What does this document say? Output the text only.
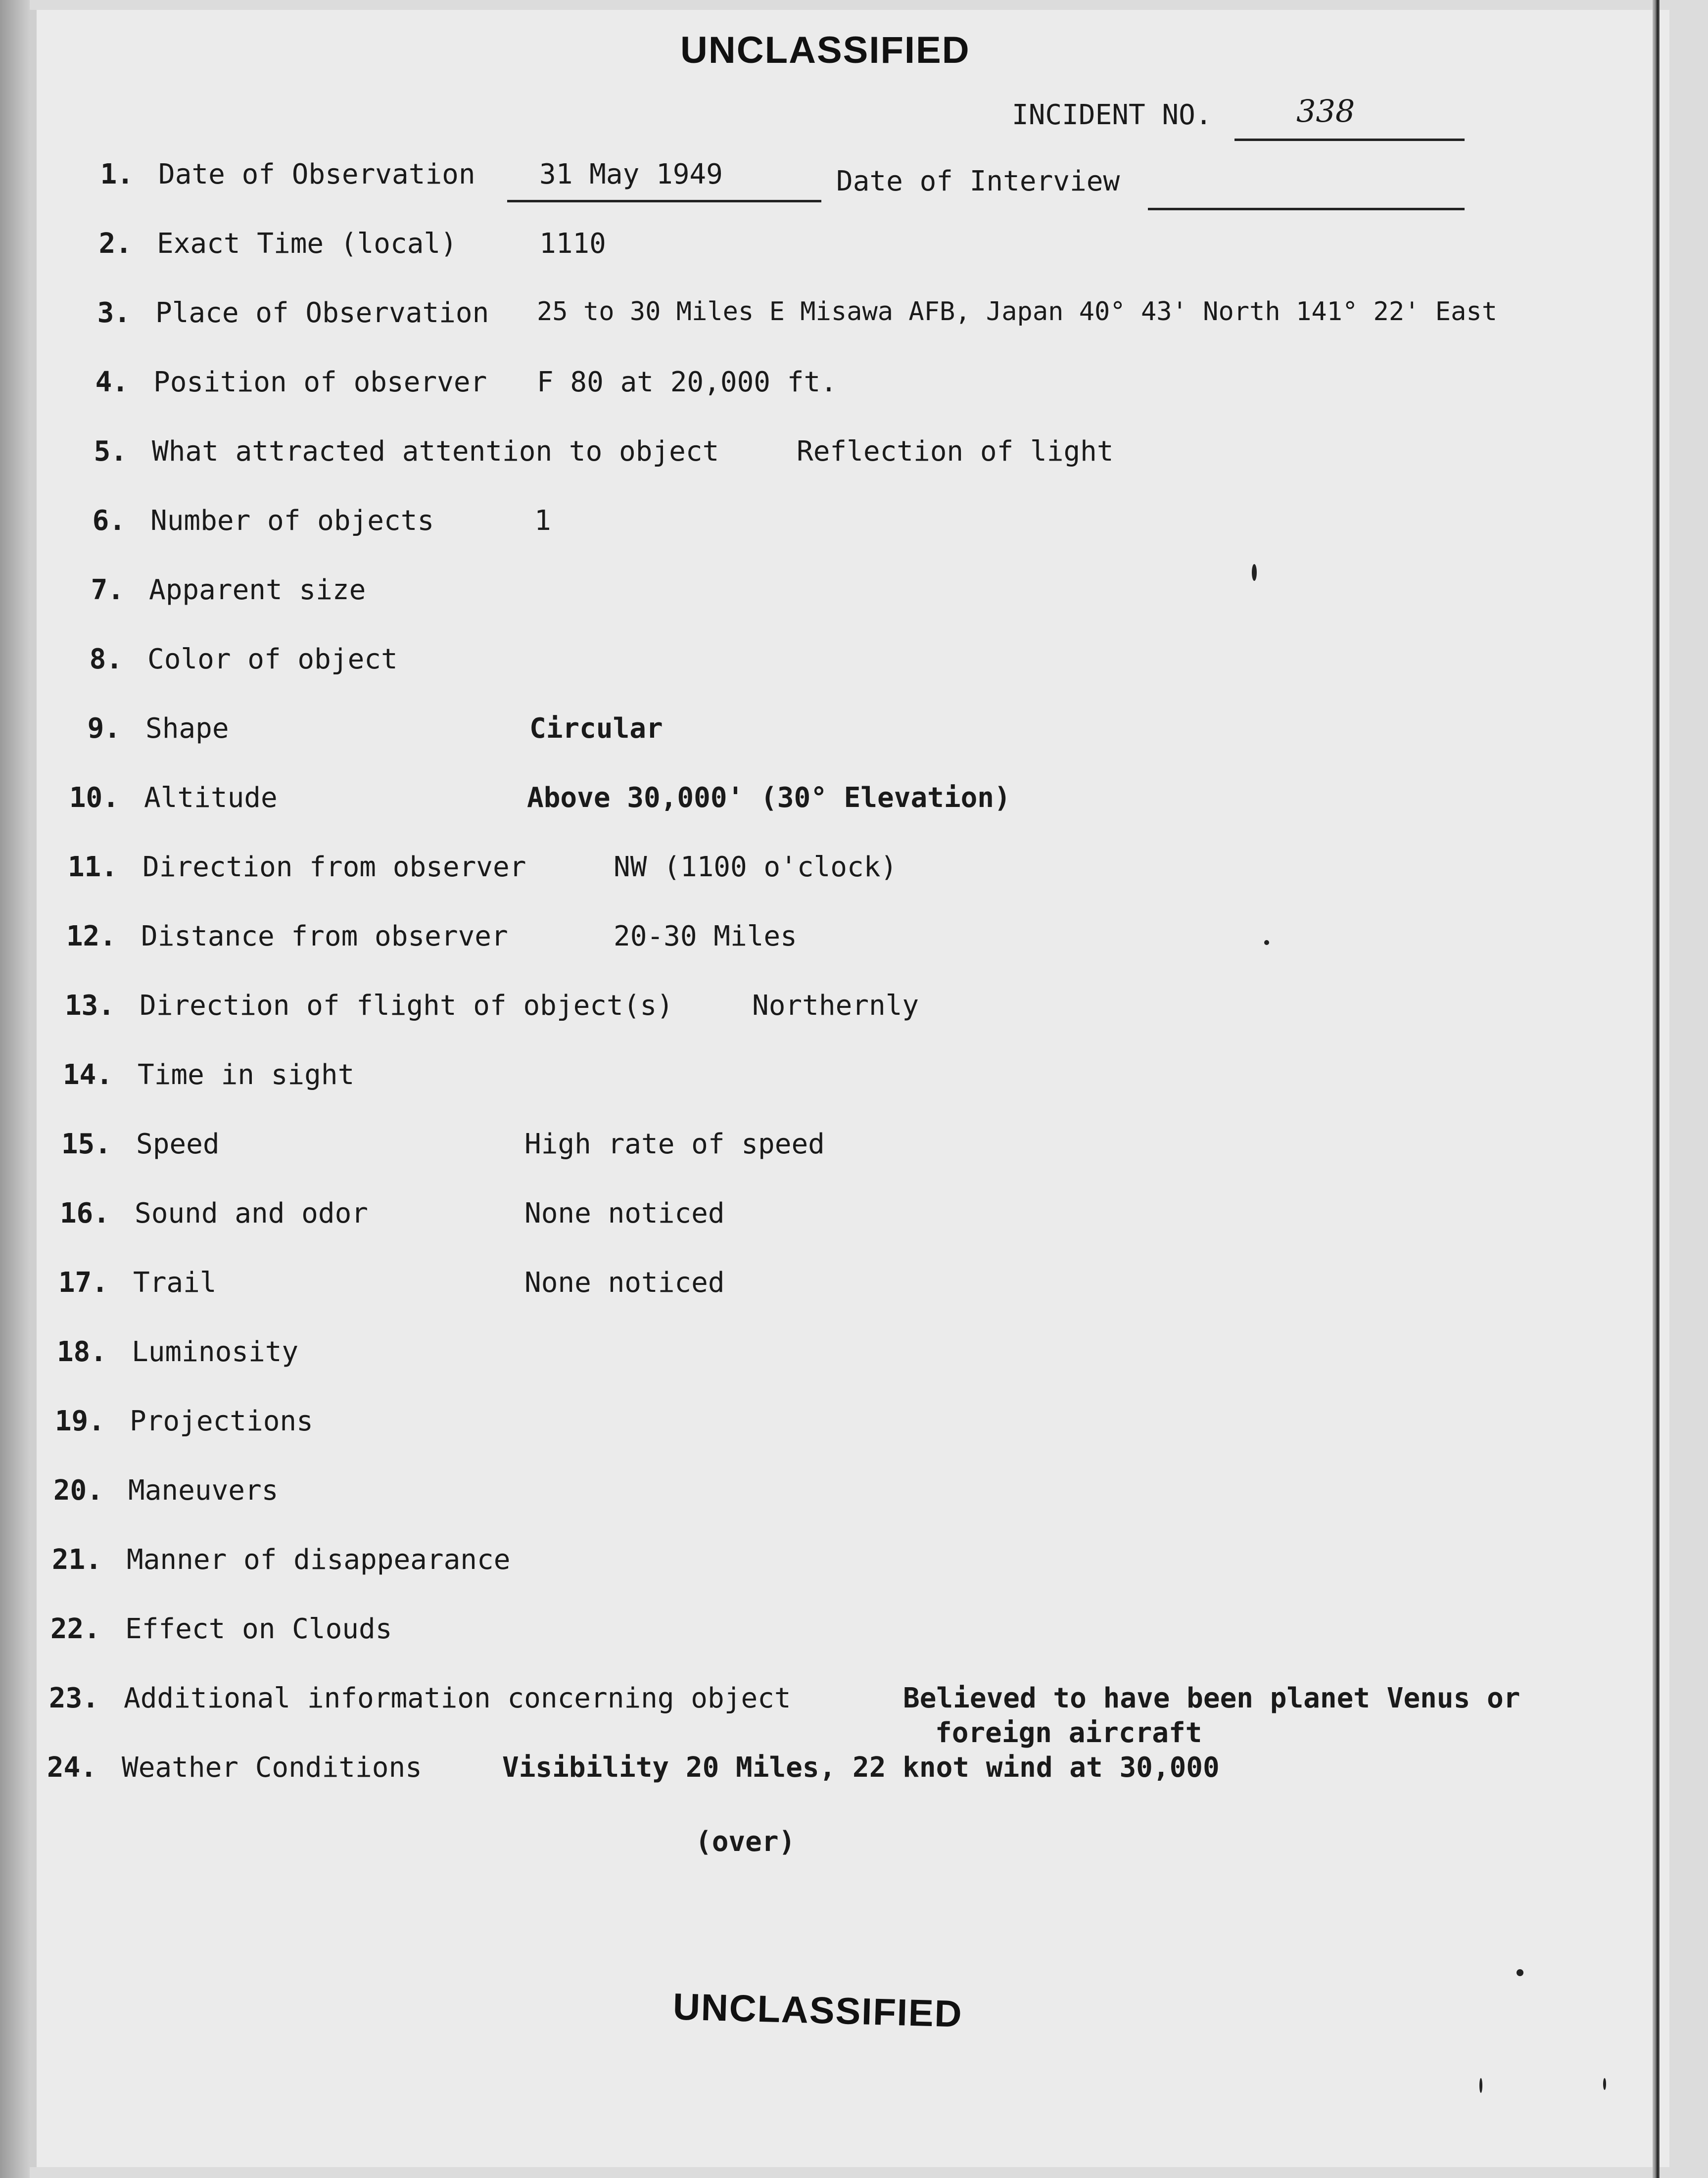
UNCLASSIFIED
INCIDENT NO.	338
1. Date of Observation 31 May 1949	Date of Interview
2. Exact Time (local)	1110
3. Place of Observation 25 to 30 Miles E Misawa AFB, Japan 40° 43' North 141° 22' East
4. Position of observer F 80 at 20,000 ft.
5. What attracted attention to object	Reflection of light
6. Number of objects	1
7. Apparent size
8. Color of object
9. Shape	Circular
10. Altitude	Above 30,000' (30° Elevation)
11. Direction from observer	NW (1100 o'clock)
12. Distance from observer	20-30 Miles
13. Direction of flight of object(s)	Northernly
14. Time in sight
15. Speed	High rate of speed
16. Sound and odor	None noticed
17. Trail	None noticed
18. Luminosity
19. Projections
20. Maneuvers
21. Manner of disappearance
22. Effect on Clouds
23. Additional information concerning object	Believed to have been planet Venus or
foreign aircraft
24. Weather Conditions	Visibility 20 Miles, 22 knot wind at 30,000
(over)
UNCLASSIFIED
